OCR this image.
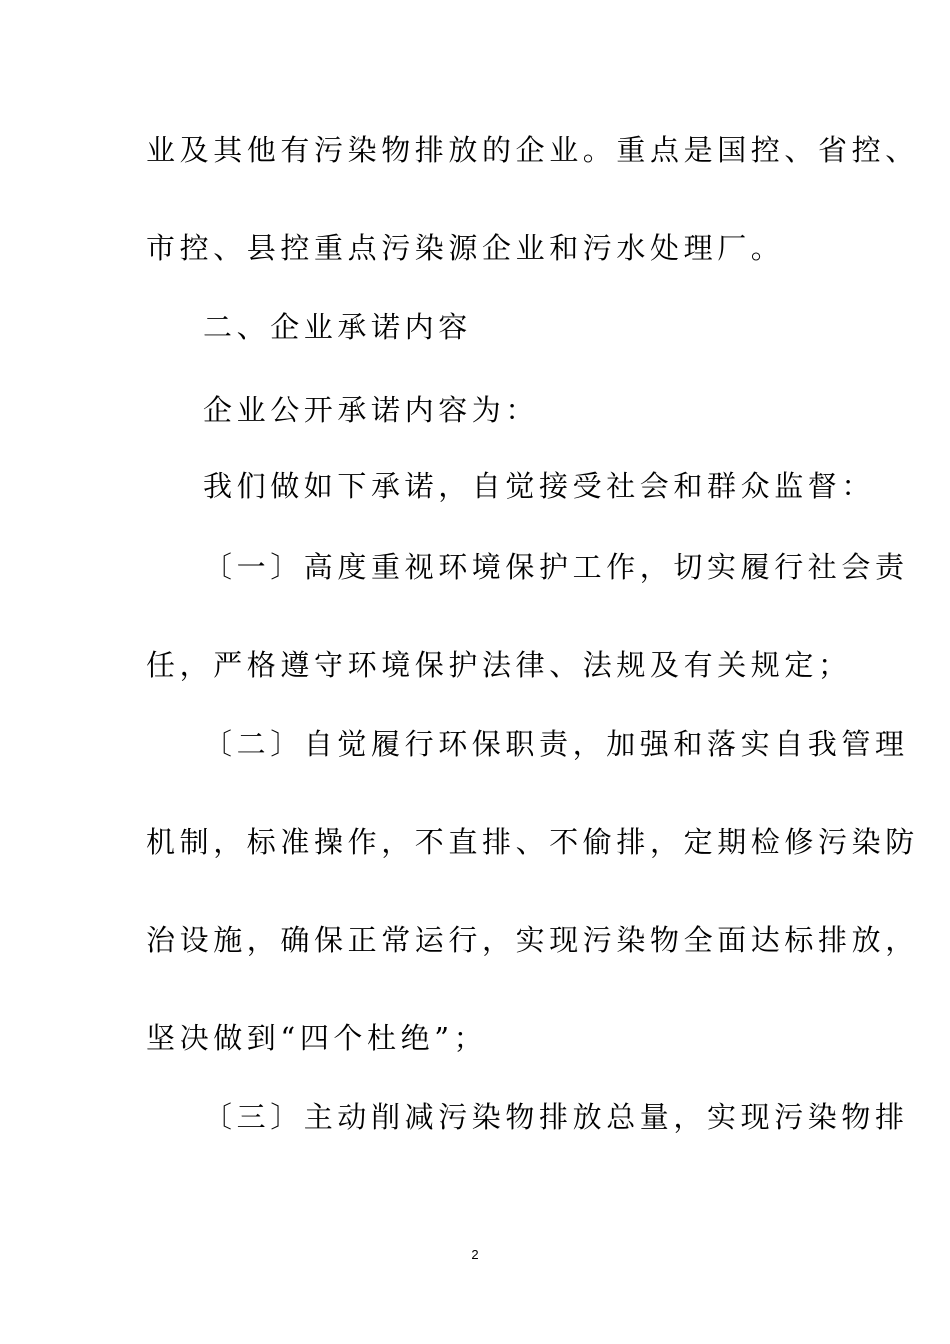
业及其他有污染物排放的企业。重点是国控、省控、

市控、县控重点污染源企业和污水处理厂。

二、企业承诺内容

企业公开承诺内容为：

我们做如下承诺，自觉接受社会和群众监督：

〔一〕高度重视环境保护工作，切实履行社会责

任，严格遵守环境保护法律、法规及有关规定；

〔二〕自觉履行环保职责，加强和落实自我管理

机制，标准操作，不直排、不偷排，定期检修污染防

治设施，确保正常运行，实现污染物全面达标排放，

坚决做到“四个杜绝”；

〔三〕主动削减污染物排放总量，实现污染物排

2
